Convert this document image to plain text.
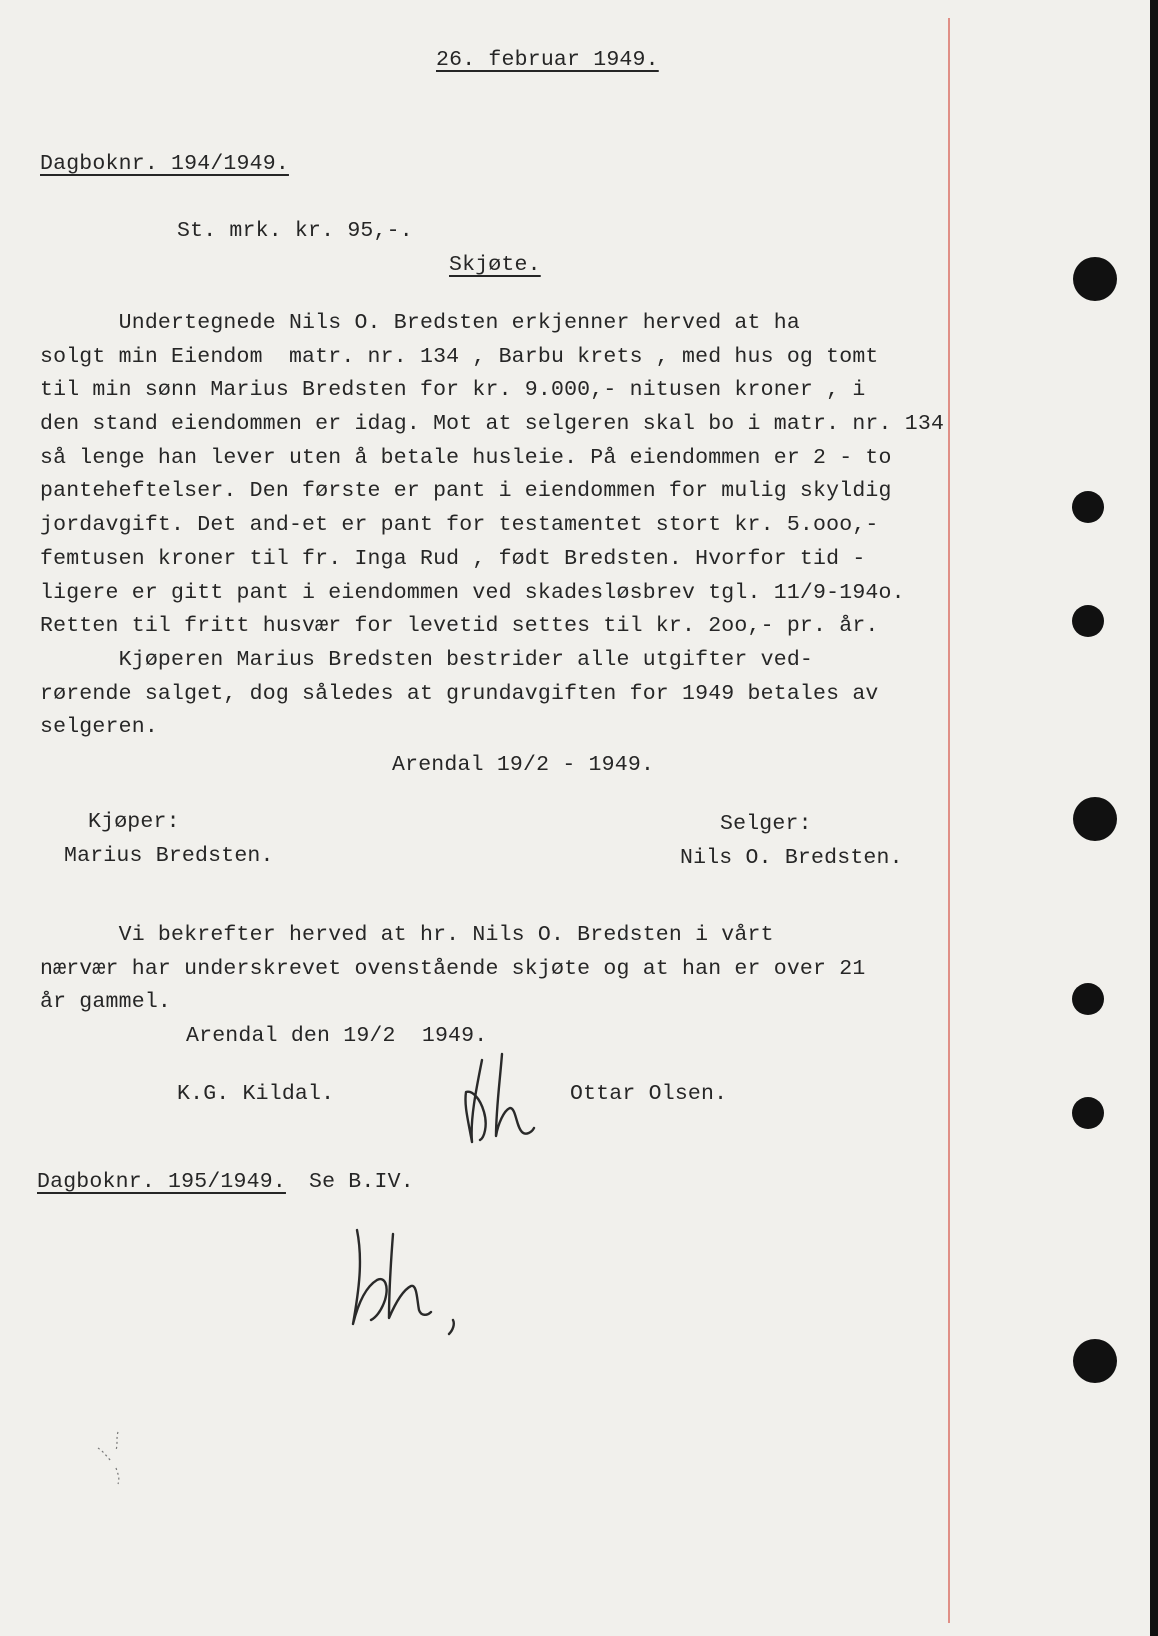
26. februar 1949.

Dagboknr. 194/1949.

St. mrk. kr. 95,-.

Skjøte.

Undertegnede Nils O. Bredsten erkjenner herved at ha
solgt min Eiendom  matr. nr. 134 , Barbu krets , med hus og tomt
til min sønn Marius Bredsten for kr. 9.000,- nitusen kroner , i
den stand eiendommen er idag. Mot at selgeren skal bo i matr. nr. 134
så lenge han lever uten å betale husleie. På eiendommen er 2 - to
panteheftelser. Den første er pant i eiendommen for mulig skyldig
jordavgift. Det and-et er pant for testamentet stort kr. 5.ooo,-
femtusen kroner til fr. Inga Rud , født Bredsten. Hvorfor tid -
ligere er gitt pant i eiendommen ved skadesløsbrev tgl. 11/9-194o.
Retten til fritt husvær for levetid settes til kr. 2oo,- pr. år.
Kjøperen Marius Bredsten bestrider alle utgifter ved-
rørende salget, dog således at grundavgiften for 1949 betales av
selgeren.

Arendal 19/2 - 1949.

Kjøper:

Marius Bredsten.

Selger:

Nils O. Bredsten.

Vi bekrefter herved at hr. Nils O. Bredsten i vårt
nærvær har underskrevet ovenstående skjøte og at han er over 21
år gammel.

Arendal den 19/2  1949.

K.G. Kildal.	Ottar Olsen.

Dagboknr. 195/1949. Se B.IV.
